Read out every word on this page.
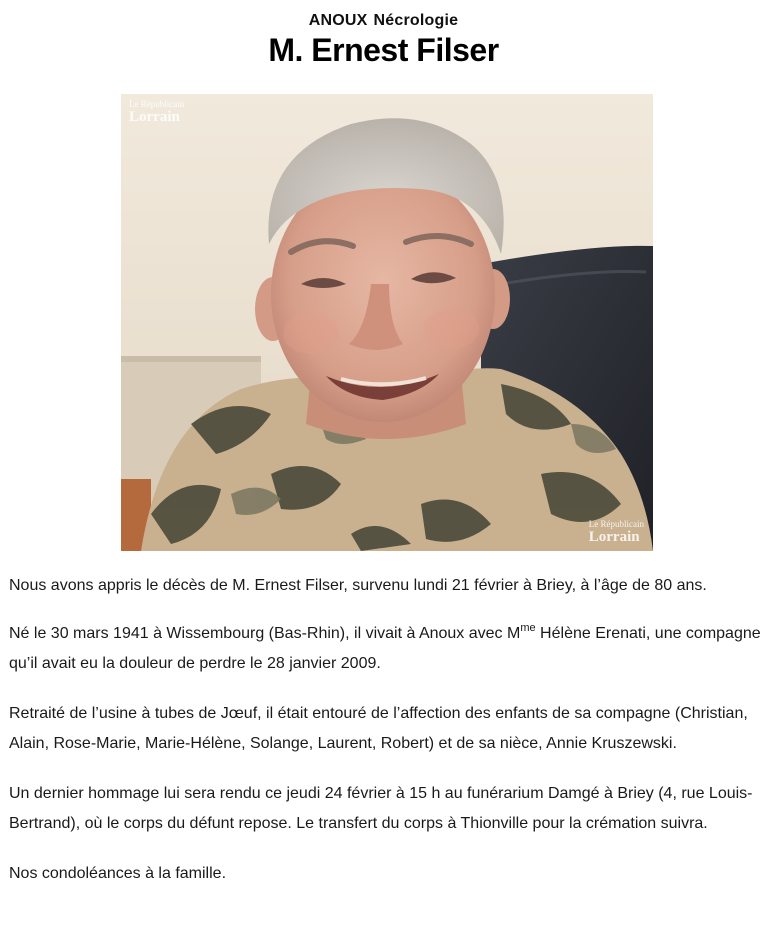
ANOUX Nécrologie
M. Ernest Filser
Le Républicain
Lorrain
Le Républicain
Lorrain

Nous avons appris le décès de M. Ernest Filser, survenu lundi 21 février à Briey, à l’âge de 80 ans.

Né le 30 mars 1941 à Wissembourg (Bas-Rhin), il vivait à Anoux avec $M^{me}$ Hélène Erenati, une compagne qu’il avait eu la douleur de perdre le 28 janvier 2009.

Retraité de l’usine à tubes de Jœuf, il était entouré de l’affection des enfants de sa compagne (Christian, Alain, Rose-Marie, Marie-Hélène, Solange, Laurent, Robert) et de sa nièce, Annie Kruszewski.

Un dernier hommage lui sera rendu ce jeudi 24 février à 15 h au funérarium Damgé à Briey (4, rue Louis-Bertrand), où le corps du défunt repose. Le transfert du corps à Thionville pour la crémation suivra.

Nos condoléances à la famille.
